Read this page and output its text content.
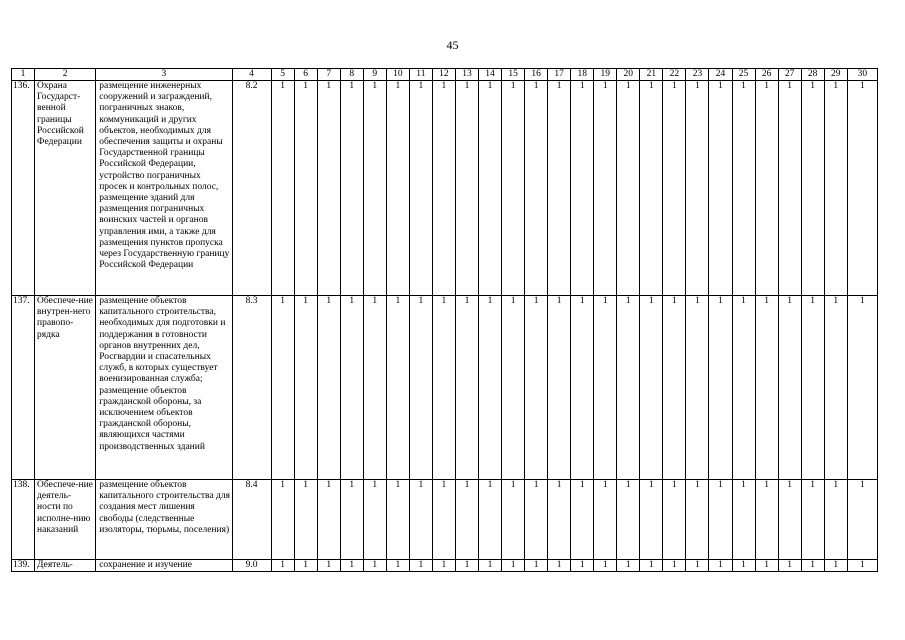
45
1	2	3	4	5	6	7	8	9	10	11	12	13	14	15	16	17	18	19	20	21	22	23	24	25	26	27	28	29	30
136.	Охрана Государст-венной границы Российской Федерации	размещение инженерных сооружений и заграждений, пограничных знаков, коммуникаций и других объектов, необходимых для обеспечения защиты и охраны Государственной границы Российской Федерации, устройство пограничных просек и контрольных полос, размещение зданий для размещения пограничных воинских частей и органов управления ими, а также для размещения пунктов пропуска через Государственную границу Российской Федерации	8.2	1	1	1	1	1	1	1	1	1	1	1	1	1	1	1	1	1	1	1	1	1	1	1	1	1	1
137.	Обеспече-ние внутрен-него правопо-рядка	размещение объектов капитального строительства, необходимых для подготовки и поддержания в готовности органов внутренних дел, Росгвардии и спасательных служб, в которых существует военизированная служба; размещение объектов гражданской обороны, за исключением объектов гражданской обороны, являющихся частями производственных зданий	8.3	1	1	1	1	1	1	1	1	1	1	1	1	1	1	1	1	1	1	1	1	1	1	1	1	1	1
138.	Обеспече-ние деятель-ности по исполне-нию наказаний	размещение объектов капитального строительства для создания мест лишения свободы (следственные изоляторы, тюрьмы, поселения)	8.4	1	1	1	1	1	1	1	1	1	1	1	1	1	1	1	1	1	1	1	1	1	1	1	1	1	1
139.	Деятель-	сохранение и изучение	9.0	1	1	1	1	1	1	1	1	1	1	1	1	1	1	1	1	1	1	1	1	1	1	1	1	1	1
